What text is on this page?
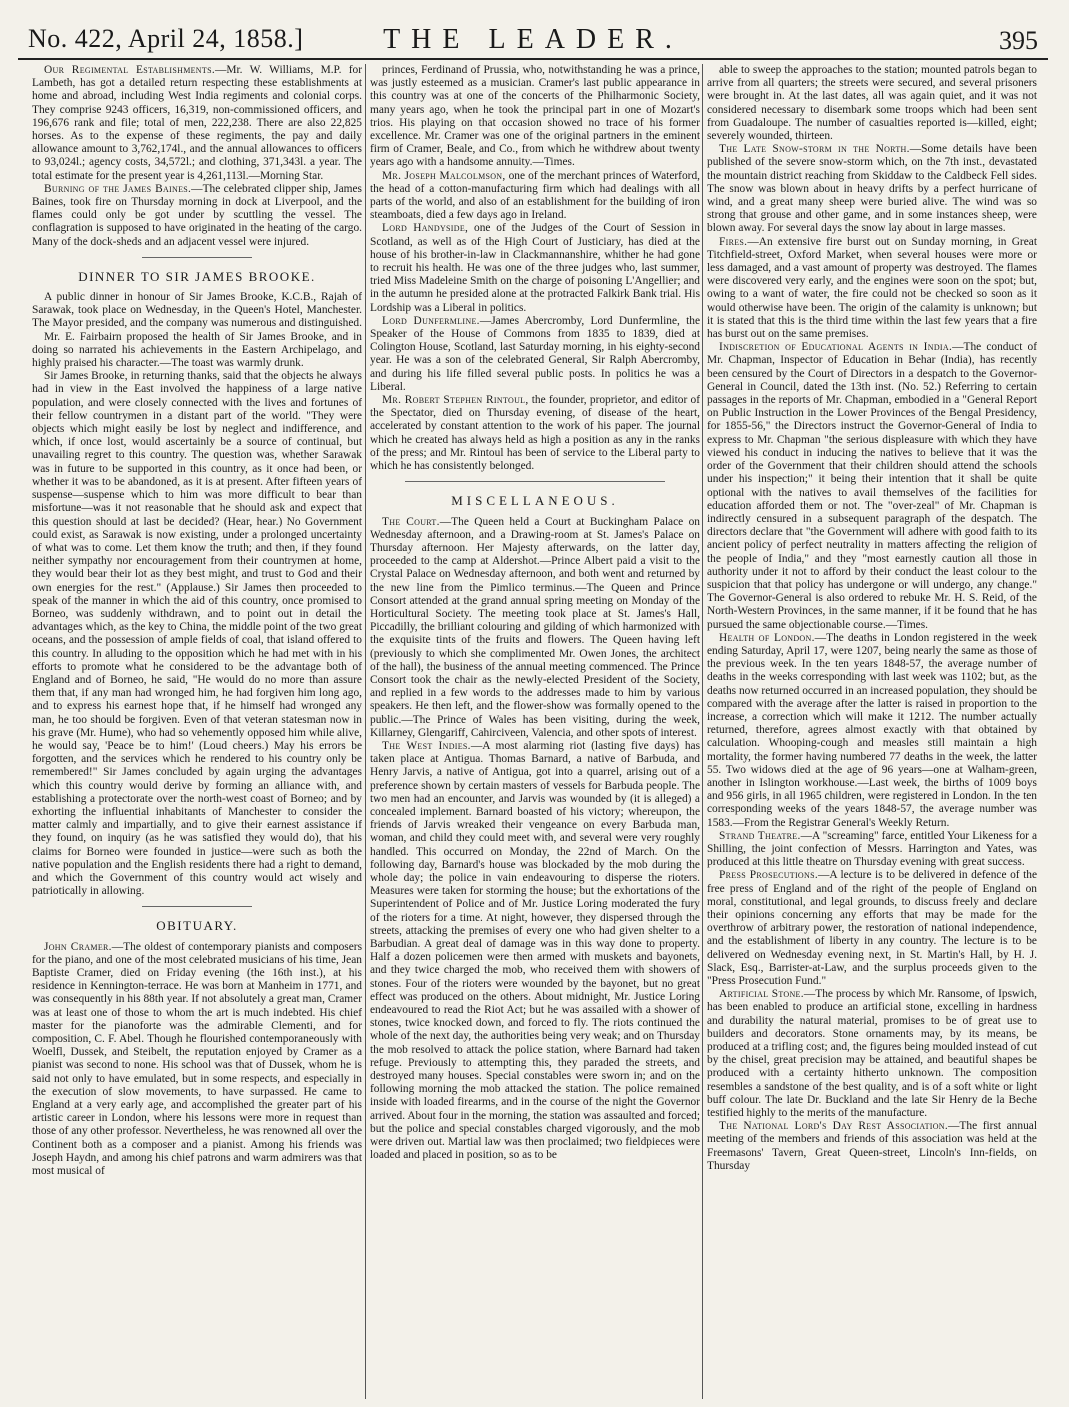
No. 422, April 24, 1858.]	THE LEADER.	395

Our Regimental Establishments.—Mr. W. Williams, M.P. for Lambeth, has got a detailed return respecting these establishments at home and abroad, including West India regiments and colonial corps. They comprise 9243 officers, 16,319, non-commissioned officers, and 196,676 rank and file; total of men, 222,238. There are also 22,825 horses. As to the expense of these regiments, the pay and daily allowance amount to 3,762,174l., and the annual allowances to officers to 93,024l.; agency costs, 34,572l.; and clothing, 371,343l. a year. The total estimate for the present year is 4,261,113l.—Morning Star.

Burning of the James Baines.—The celebrated clipper ship, James Baines, took fire on Thursday morning in dock at Liverpool, and the flames could only be got under by scuttling the vessel. The conflagration is supposed to have originated in the heating of the cargo. Many of the dock-sheds and an adjacent vessel were injured.

DINNER TO SIR JAMES BROOKE.

A public dinner in honour of Sir James Brooke, K.C.B., Rajah of Sarawak, took place on Wednesday, in the Queen's Hotel, Manchester. The Mayor presided, and the company was numerous and distinguished.

Mr. E. Fairbairn proposed the health of Sir James Brooke, and in doing so narrated his achievements in the Eastern Archipelago, and highly praised his character.—The toast was warmly drunk.

Sir James Brooke, in returning thanks, said that the objects he always had in view in the East involved the happiness of a large native population, and were closely connected with the lives and fortunes of their fellow countrymen in a distant part of the world. "They were objects which might easily be lost by neglect and indifference, and which, if once lost, would ascertainly be a source of continual, but unavailing regret to this country. The question was, whether Sarawak was in future to be supported in this country, as it once had been, or whether it was to be abandoned, as it is at present. After fifteen years of suspense—suspense which to him was more difficult to bear than misfortune—was it not reasonable that he should ask and expect that this question should at last be decided? (Hear, hear.) No Government could exist, as Sarawak is now existing, under a prolonged uncertainty of what was to come. Let them know the truth; and then, if they found neither sympathy nor encouragement from their countrymen at home, they would bear their lot as they best might, and trust to God and their own energies for the rest." (Applause.) Sir James then proceeded to speak of the manner in which the aid of this country, once promised to Borneo, was suddenly withdrawn, and to point out in detail the advantages which, as the key to China, the middle point of the two great oceans, and the possession of ample fields of coal, that island offered to this country. In alluding to the opposition which he had met with in his efforts to promote what he considered to be the advantage both of England and of Borneo, he said, "He would do no more than assure them that, if any man had wronged him, he had forgiven him long ago, and to express his earnest hope that, if he himself had wronged any man, he too should be forgiven. Even of that veteran statesman now in his grave (Mr. Hume), who had so vehemently opposed him while alive, he would say, 'Peace be to him!' (Loud cheers.) May his errors be forgotten, and the services which he rendered to his country only be remembered!" Sir James concluded by again urging the advantages which this country would derive by forming an alliance with, and establishing a protectorate over the north-west coast of Borneo; and by exhorting the influential inhabitants of Manchester to consider the matter calmly and impartially, and to give their earnest assistance if they found, on inquiry (as he was satisfied they would do), that his claims for Borneo were founded in justice—were such as both the native population and the English residents there had a right to demand, and which the Government of this country would act wisely and patriotically in allowing.

OBITUARY.

John Cramer.—The oldest of contemporary pianists and composers for the piano, and one of the most celebrated musicians of his time, Jean Baptiste Cramer, died on Friday evening (the 16th inst.), at his residence in Kennington-terrace. He was born at Manheim in 1771, and was consequently in his 88th year. If not absolutely a great man, Cramer was at least one of those to whom the art is much indebted. His chief master for the pianoforte was the admirable Clementi, and for composition, C. F. Abel. Though he flourished contemporaneously with Woelfl, Dussek, and Steibelt, the reputation enjoyed by Cramer as a pianist was second to none. His school was that of Dussek, whom he is said not only to have emulated, but in some respects, and especially in the execution of slow movements, to have surpassed. He came to England at a very early age, and accomplished the greater part of his artistic career in London, where his lessons were more in request than those of any other professor. Nevertheless, he was renowned all over the Continent both as a composer and a pianist. Among his friends was Joseph Haydn, and among his chief patrons and warm admirers was that most musical of

princes, Ferdinand of Prussia, who, notwithstanding he was a prince, was justly esteemed as a musician. Cramer's last public appearance in this country was at one of the concerts of the Philharmonic Society, many years ago, when he took the principal part in one of Mozart's trios. His playing on that occasion showed no trace of his former excellence. Mr. Cramer was one of the original partners in the eminent firm of Cramer, Beale, and Co., from which he withdrew about twenty years ago with a handsome annuity.—Times.

Mr. Joseph Malcolmson, one of the merchant princes of Waterford, the head of a cotton-manufacturing firm which had dealings with all parts of the world, and also of an establishment for the building of iron steamboats, died a few days ago in Ireland.

Lord Handyside, one of the Judges of the Court of Session in Scotland, as well as of the High Court of Justiciary, has died at the house of his brother-in-law in Clackmannanshire, whither he had gone to recruit his health. He was one of the three judges who, last summer, tried Miss Madeleine Smith on the charge of poisoning L'Angellier; and in the autumn he presided alone at the protracted Falkirk Bank trial. His Lordship was a Liberal in politics.

Lord Dunfermline.—James Abercromby, Lord Dunfermline, the Speaker of the House of Commons from 1835 to 1839, died at Colington House, Scotland, last Saturday morning, in his eighty-second year. He was a son of the celebrated General, Sir Ralph Abercromby, and during his life filled several public posts. In politics he was a Liberal.

Mr. Robert Stephen Rintoul, the founder, proprietor, and editor of the Spectator, died on Thursday evening, of disease of the heart, accelerated by constant attention to the work of his paper. The journal which he created has always held as high a position as any in the ranks of the press; and Mr. Rintoul has been of service to the Liberal party to which he has consistently belonged.

MISCELLANEOUS.

The Court.—The Queen held a Court at Buckingham Palace on Wednesday afternoon, and a Drawing-room at St. James's Palace on Thursday afternoon. Her Majesty afterwards, on the latter day, proceeded to the camp at Aldershot.—Prince Albert paid a visit to the Crystal Palace on Wednesday afternoon, and both went and returned by the new line from the Pimlico terminus.—The Queen and Prince Consort attended at the grand annual spring meeting on Monday of the Horticultural Society. The meeting took place at St. James's Hall, Piccadilly, the brilliant colouring and gilding of which harmonized with the exquisite tints of the fruits and flowers. The Queen having left (previously to which she complimented Mr. Owen Jones, the architect of the hall), the business of the annual meeting commenced. The Prince Consort took the chair as the newly-elected President of the Society, and replied in a few words to the addresses made to him by various speakers. He then left, and the flower-show was formally opened to the public.—The Prince of Wales has been visiting, during the week, Killarney, Glengariff, Cahirciveen, Valencia, and other spots of interest.

The West Indies.—A most alarming riot (lasting five days) has taken place at Antigua. Thomas Barnard, a native of Barbuda, and Henry Jarvis, a native of Antigua, got into a quarrel, arising out of a preference shown by certain masters of vessels for Barbuda people. The two men had an encounter, and Jarvis was wounded by (it is alleged) a concealed implement. Barnard boasted of his victory; whereupon, the friends of Jarvis wreaked their vengeance on every Barbuda man, woman, and child they could meet with, and several were very roughly handled. This occurred on Monday, the 22nd of March. On the following day, Barnard's house was blockaded by the mob during the whole day; the police in vain endeavouring to disperse the rioters. Measures were taken for storming the house; but the exhortations of the Superintendent of Police and of Mr. Justice Loring moderated the fury of the rioters for a time. At night, however, they dispersed through the streets, attacking the premises of every one who had given shelter to a Barbudian. A great deal of damage was in this way done to property. Half a dozen policemen were then armed with muskets and bayonets, and they twice charged the mob, who received them with showers of stones. Four of the rioters were wounded by the bayonet, but no great effect was produced on the others. About midnight, Mr. Justice Loring endeavoured to read the Riot Act; but he was assailed with a shower of stones, twice knocked down, and forced to fly. The riots continued the whole of the next day, the authorities being very weak; and on Thursday the mob resolved to attack the police station, where Barnard had taken refuge. Previously to attempting this, they paraded the streets, and destroyed many houses. Special constables were sworn in; and on the following morning the mob attacked the station. The police remained inside with loaded firearms, and in the course of the night the Governor arrived. About four in the morning, the station was assaulted and forced; but the police and special constables charged vigorously, and the mob were driven out. Martial law was then proclaimed; two fieldpieces were loaded and placed in position, so as to be

able to sweep the approaches to the station; mounted patrols began to arrive from all quarters; the streets were secured, and several prisoners were brought in. At the last dates, all was again quiet, and it was not considered necessary to disembark some troops which had been sent from Guadaloupe. The number of casualties reported is—killed, eight; severely wounded, thirteen.

The Late Snow-storm in the North.—Some details have been published of the severe snow-storm which, on the 7th inst., devastated the mountain district reaching from Skiddaw to the Caldbeck Fell sides. The snow was blown about in heavy drifts by a perfect hurricane of wind, and a great many sheep were buried alive. The wind was so strong that grouse and other game, and in some instances sheep, were blown away. For several days the snow lay about in large masses.

Fires.—An extensive fire burst out on Sunday morning, in Great Titchfield-street, Oxford Market, when several houses were more or less damaged, and a vast amount of property was destroyed. The flames were discovered very early, and the engines were soon on the spot; but, owing to a want of water, the fire could not be checked so soon as it would otherwise have been. The origin of the calamity is unknown; but it is stated that this is the third time within the last few years that a fire has burst out on the same premises.

Indiscretion of Educational Agents in India.—The conduct of Mr. Chapman, Inspector of Education in Behar (India), has recently been censured by the Court of Directors in a despatch to the Governor-General in Council, dated the 13th inst. (No. 52.) Referring to certain passages in the reports of Mr. Chapman, embodied in a "General Report on Public Instruction in the Lower Provinces of the Bengal Presidency, for 1855-56," the Directors instruct the Governor-General of India to express to Mr. Chapman "the serious displeasure with which they have viewed his conduct in inducing the natives to believe that it was the order of the Government that their children should attend the schools under his inspection;" it being their intention that it shall be quite optional with the natives to avail themselves of the facilities for education afforded them or not. The "over-zeal" of Mr. Chapman is indirectly censured in a subsequent paragraph of the despatch. The directors declare that "the Government will adhere with good faith to its ancient policy of perfect neutrality in matters affecting the religion of the people of India," and they "most earnestly caution all those in authority under it not to afford by their conduct the least colour to the suspicion that that policy has undergone or will undergo, any change." The Governor-General is also ordered to rebuke Mr. H. S. Reid, of the North-Western Provinces, in the same manner, if it be found that he has pursued the same objectionable course.—Times.

Health of London.—The deaths in London registered in the week ending Saturday, April 17, were 1207, being nearly the same as those of the previous week. In the ten years 1848-57, the average number of deaths in the weeks corresponding with last week was 1102; but, as the deaths now returned occurred in an increased population, they should be compared with the average after the latter is raised in proportion to the increase, a correction which will make it 1212. The number actually returned, therefore, agrees almost exactly with that obtained by calculation. Whooping-cough and measles still maintain a high mortality, the former having numbered 77 deaths in the week, the latter 55. Two widows died at the age of 96 years—one at Walham-green, another in Islington workhouse.—Last week, the births of 1009 boys and 956 girls, in all 1965 children, were registered in London. In the ten corresponding weeks of the years 1848-57, the average number was 1583.—From the Registrar General's Weekly Return.

Strand Theatre.—A "screaming" farce, entitled Your Likeness for a Shilling, the joint confection of Messrs. Harrington and Yates, was produced at this little theatre on Thursday evening with great success.

Press Prosecutions.—A lecture is to be delivered in defence of the free press of England and of the right of the people of England on moral, constitutional, and legal grounds, to discuss freely and declare their opinions concerning any efforts that may be made for the overthrow of arbitrary power, the restoration of national independence, and the establishment of liberty in any country. The lecture is to be delivered on Wednesday evening next, in St. Martin's Hall, by H. J. Slack, Esq., Barrister-at-Law, and the surplus proceeds given to the "Press Prosecution Fund."

Artificial Stone.—The process by which Mr. Ransome, of Ipswich, has been enabled to produce an artificial stone, excelling in hardness and durability the natural material, promises to be of great use to builders and decorators. Stone ornaments may, by its means, be produced at a trifling cost; and, the figures being moulded instead of cut by the chisel, great precision may be attained, and beautiful shapes be produced with a certainty hitherto unknown. The composition resembles a sandstone of the best quality, and is of a soft white or light buff colour. The late Dr. Buckland and the late Sir Henry de la Beche testified highly to the merits of the manufacture.

The National Lord's Day Rest Association.—The first annual meeting of the members and friends of this association was held at the Freemasons' Tavern, Great Queen-street, Lincoln's Inn-fields, on Thursday
